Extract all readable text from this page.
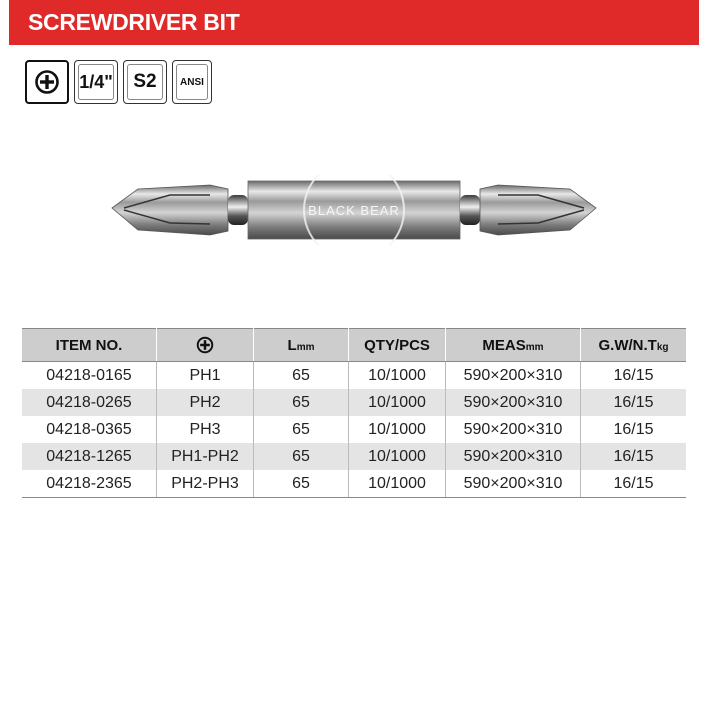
SCREWDRIVER BIT
1/4" S2 ANSI
BLACK BEAR
ITEM NO.		Lmm	QTY/PCS	MEASmm	G.W/N.Tkg
04218-0165	PH1	65	10/1000	590×200×310	16/15
04218-0265	PH2	65	10/1000	590×200×310	16/15
04218-0365	PH3	65	10/1000	590×200×310	16/15
04218-1265	PH1-PH2	65	10/1000	590×200×310	16/15
04218-2365	PH2-PH3	65	10/1000	590×200×310	16/15
